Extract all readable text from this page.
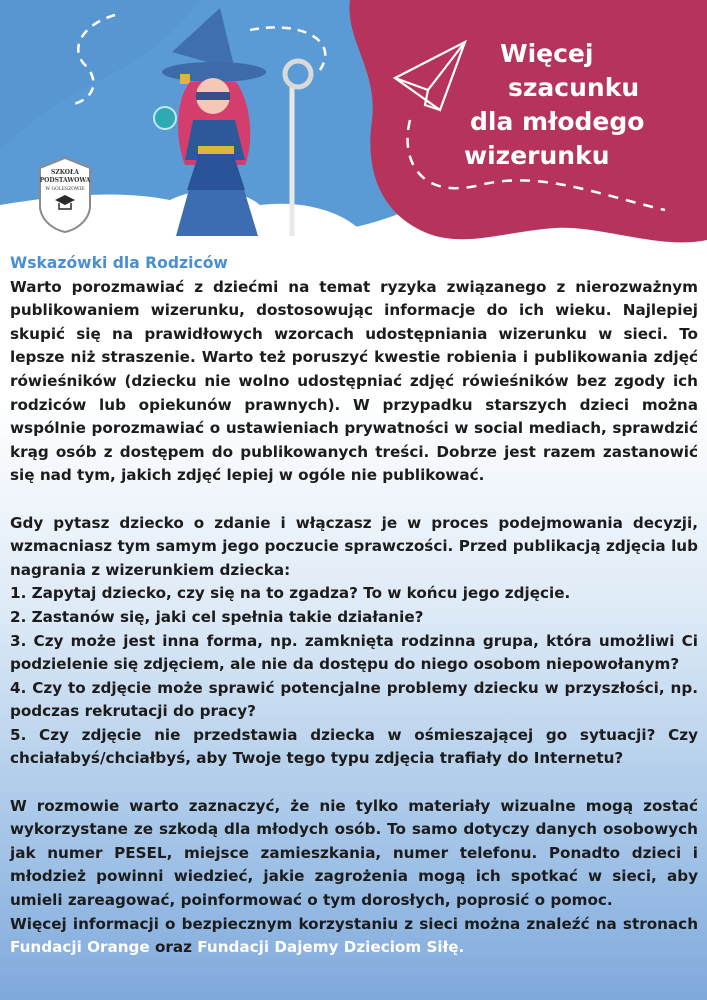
Więcej
szacunku
dla młodego
wizerunku
SZKOŁA
PODSTAWOWA
W GOLESZOWIE

Wskazówki dla Rodziców

Warto porozmawiać z dziećmi na temat ryzyka związanego z nierozważnym publikowaniem wizerunku, dostosowując informacje do ich wieku. Najlepiej skupić się na prawidłowych wzorcach udostępniania wizerunku w sieci. To lepsze niż straszenie. Warto też poruszyć kwestie robienia i publikowania zdjęć rówieśników (dziecku nie wolno udostępniać zdjęć rówieśników bez zgody ich rodziców lub opiekunów prawnych). W przypadku starszych dzieci można wspólnie porozmawiać o ustawieniach prywatności w social mediach, sprawdzić krąg osób z dostępem do publikowanych treści. Dobrze jest razem zastanowić się nad tym, jakich zdjęć lepiej w ogóle nie publikować.

Gdy pytasz dziecko o zdanie i włączasz je w proces podejmowania decyzji, wzmacniasz tym samym jego poczucie sprawczości. Przed publikacją zdjęcia lub nagrania z wizerunkiem dziecka:

1. Zapytaj dziecko, czy się na to zgadza? To w końcu jego zdjęcie.

2. Zastanów się, jaki cel spełnia takie działanie?

3. Czy może jest inna forma, np. zamknięta rodzinna grupa, która umożliwi Ci podzielenie się zdjęciem, ale nie da dostępu do niego osobom niepowołanym?

4. Czy to zdjęcie może sprawić potencjalne problemy dziecku w przyszłości, np. podczas rekrutacji do pracy?

5. Czy zdjęcie nie przedstawia dziecka w ośmieszającej go sytuacji? Czy chciałabyś/chciałbyś, aby Twoje tego typu zdjęcia trafiały do Internetu?

W rozmowie warto zaznaczyć, że nie tylko materiały wizualne mogą zostać wykorzystane ze szkodą dla młodych osób. To samo dotyczy danych osobowych jak numer PESEL, miejsce zamieszkania, numer telefonu. Ponadto dzieci i młodzież powinni wiedzieć, jakie zagrożenia mogą ich spotkać w sieci, aby umieli zareagować, poinformować o tym dorosłych, poprosić o pomoc.

Więcej informacji o bezpiecznym korzystaniu z sieci można znaleźć na stronach Fundacji Orange oraz Fundacji Dajemy Dzieciom Siłę.
